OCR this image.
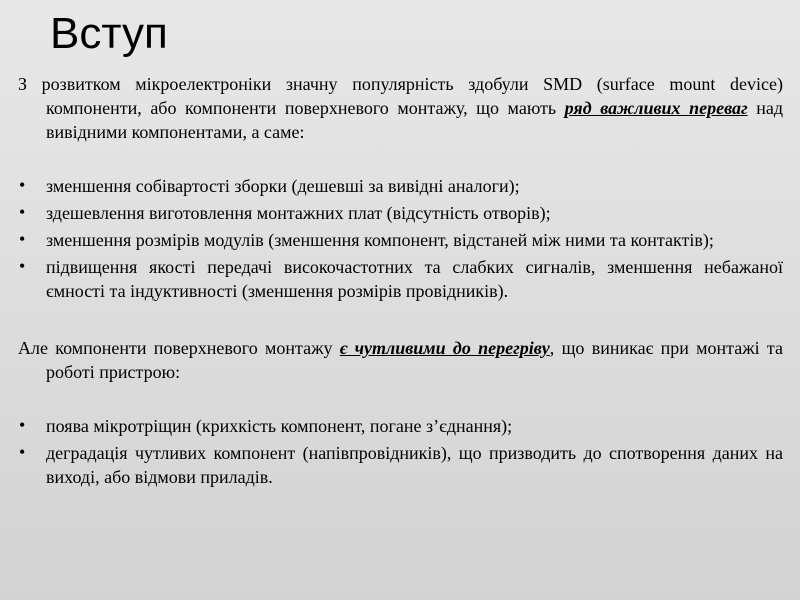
Вступ
З розвитком мікроелектроніки значну популярність здобули SMD (surface mount device) компоненти, або компоненти поверхневого монтажу, що мають ряд важливих переваг над вивідними компонентами, а саме:
• зменшення собівартості зборки (дешевші за вивідні аналоги);
• здешевлення виготовлення монтажних плат (відсутність отворів);
• зменшення розмірів модулів (зменшення компонент, відстаней між ними та контактів);
• підвищення якості передачі високочастотних та слабких сигналів, зменшення небажаної ємності та індуктивності (зменшення розмірів провідників).
Але компоненти поверхневого монтажу є чутливими до перегріву, що виникає при монтажі та роботі пристрою:
• поява мікротріщин (крихкість компонент, погане з’єднання);
• деградація чутливих компонент (напівпровідників), що призводить до спотворення даних на виході, або відмови приладів.
